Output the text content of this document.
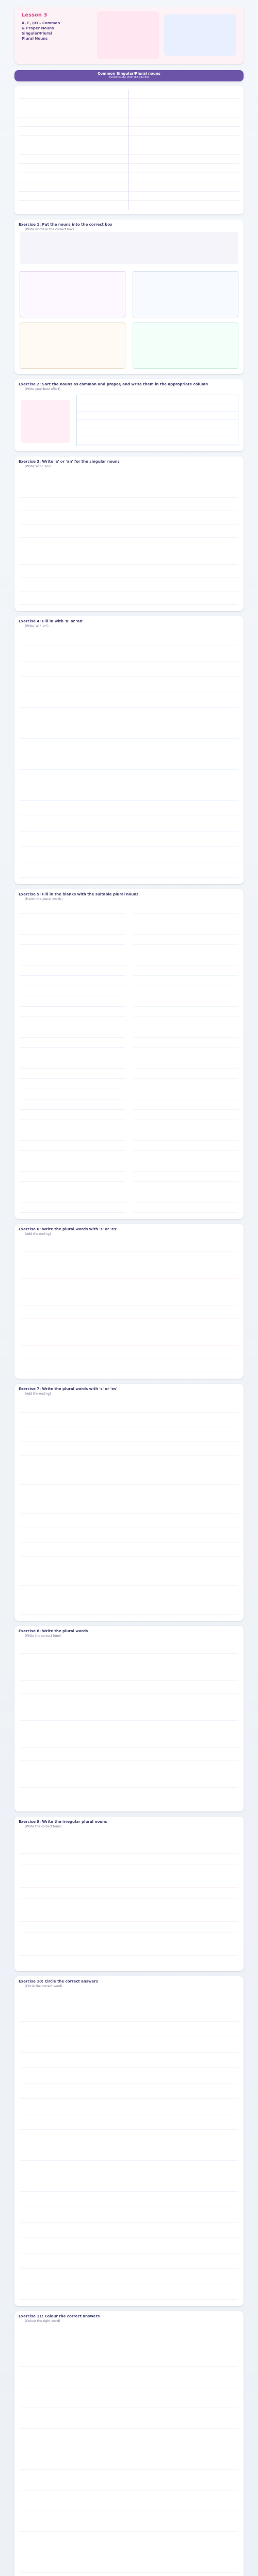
Lesson 3
A, E, I/O – Common
& Proper Nouns
Singular/Plural
Plural Nouns
Common Singular/Plural nouns
(Quick study: what did you do)
Exercise 1: Put the nouns into the correct box
(Write words in the correct box)
Exercise 2: Sort the nouns as common and proper, and write them in the appropriate column
(Write your best effort)
Exercise 3: Write 'a' or 'an' for the singular nouns
(Write 'a' or 'an')
Exercise 4: Fill in with 'a' or 'an'
(Write 'a' / 'an')
Exercise 5: Fill in the blanks with the suitable plural nouns
(Match the plural words)
Exercise 6: Write the plural words with 's' or 'es'
(Add the ending)
Exercise 7: Write the plural words with 's' or 'es'
(Add the ending)
Exercise 8: Write the plural words
(Write the correct form)
Exercise 9: Write the irregular plural nouns
(Write the correct form)
Exercise 10: Circle the correct answers
(Circle the correct word)
Exercise 11: Colour the correct answers
(Colour the right word)
